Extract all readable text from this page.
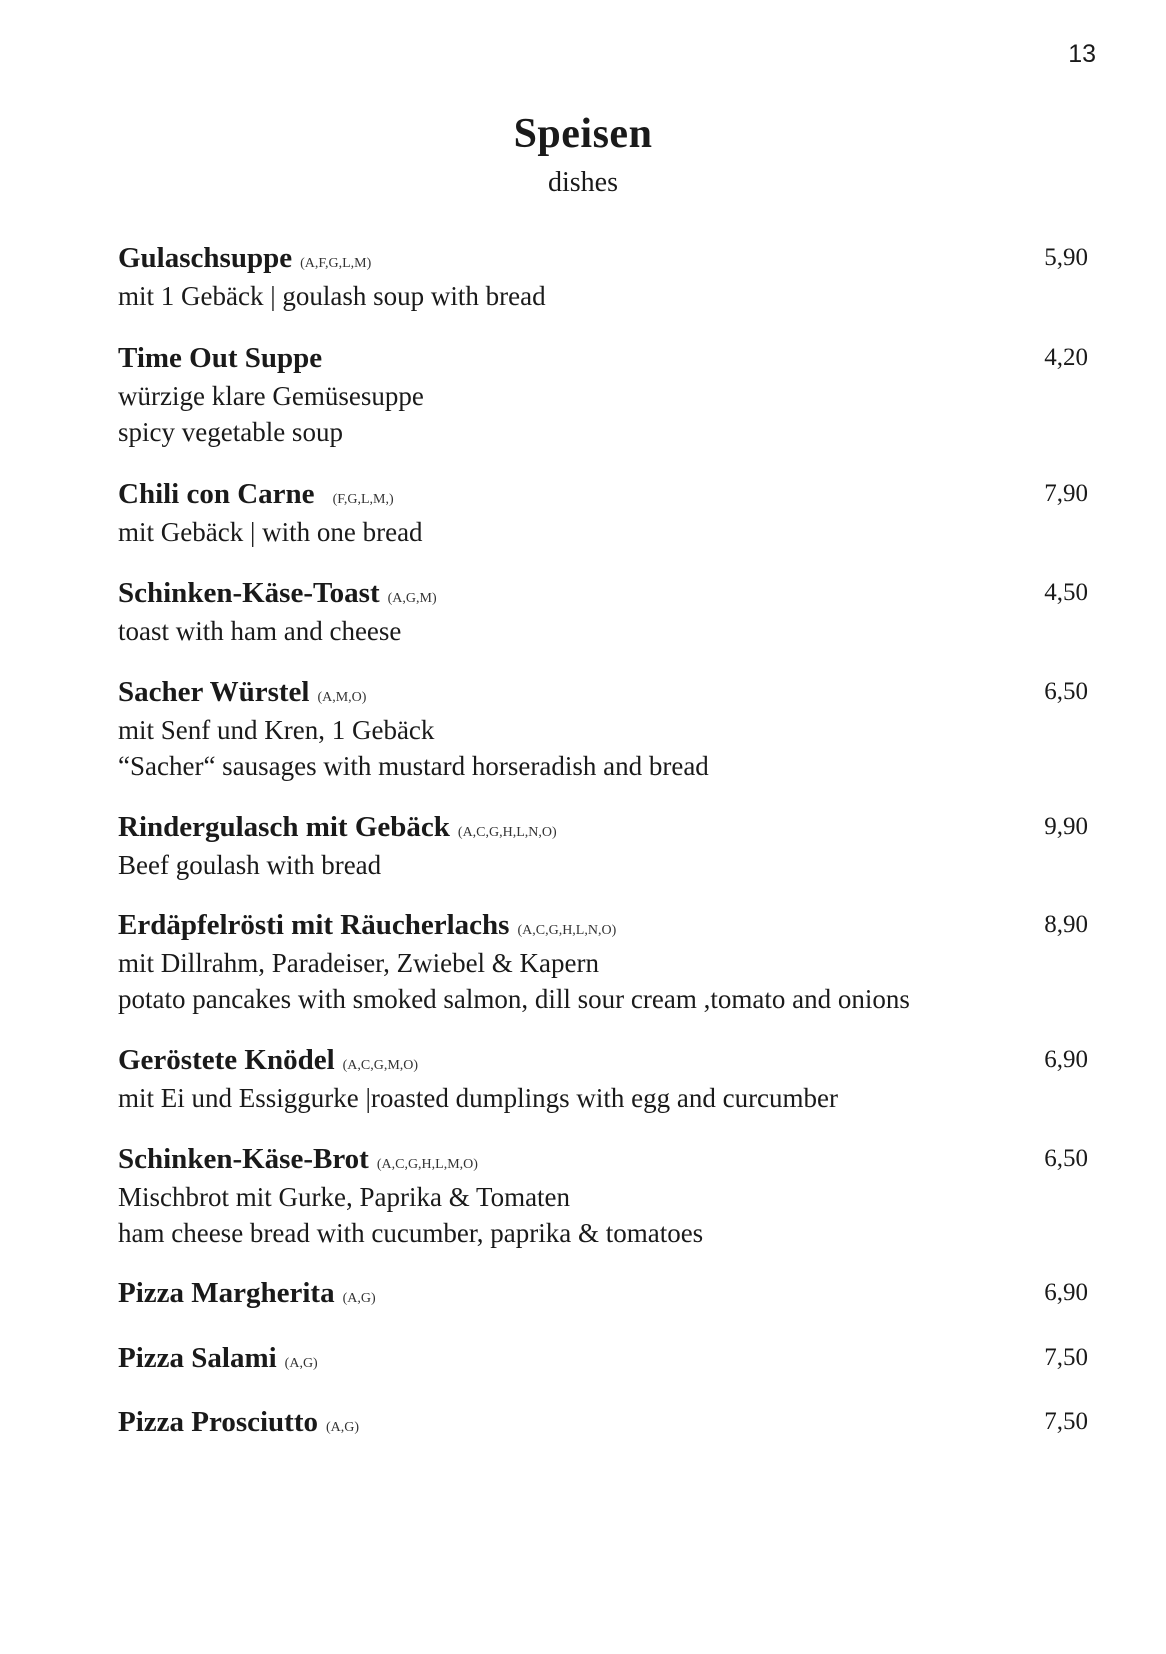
13
Speisen
dishes
Gulaschsuppe (A,F,G,L,M)	5,90
mit 1 Gebäck | goulash soup with bread
Time Out Suppe	4,20
würzige klare Gemüsesuppe
spicy vegetable soup
Chili con Carne (F,G,L,M,)	7,90
mit Gebäck | with one bread
Schinken-Käse-Toast (A,G,M)	4,50
toast with ham and cheese
Sacher Würstel (A,M,O)	6,50
mit Senf und Kren, 1 Gebäck
“Sacher“ sausages with mustard horseradish and bread
Rindergulasch mit Gebäck (A,C,G,H,L,N,O)	9,90
Beef goulash with bread
Erdäpfelrösti mit Räucherlachs (A,C,G,H,L,N,O)	8,90
mit Dillrahm, Paradeiser, Zwiebel & Kapern
potato pancakes with smoked salmon, dill sour cream ,tomato and onions
Geröstete Knödel (A,C,G,M,O)	6,90
mit Ei und Essiggurke |roasted dumplings with egg and curcumber
Schinken-Käse-Brot (A,C,G,H,L,M,O)	6,50
Mischbrot mit Gurke, Paprika & Tomaten
ham cheese bread with cucumber, paprika & tomatoes
Pizza Margherita (A,G)	6,90
Pizza Salami (A,G)	7,50
Pizza Prosciutto (A,G)	7,50
